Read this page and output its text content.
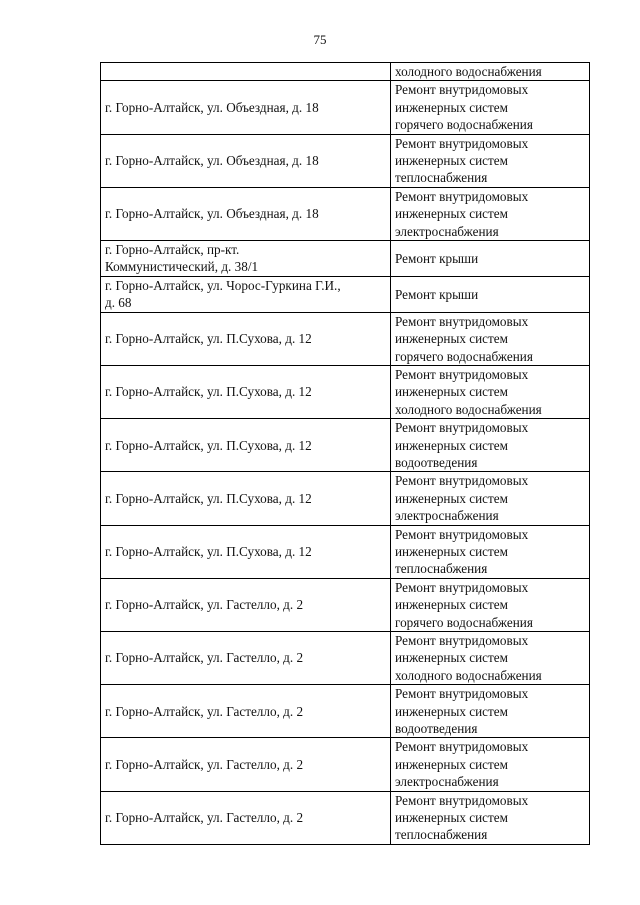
75

	холодного водоснабжения

г. Горно-Алтайск, ул. Объездная, д. 18	Ремонт внутридомовых
инженерных систем
горячего водоснабжения

г. Горно-Алтайск, ул. Объездная, д. 18	Ремонт внутридомовых
инженерных систем
теплоснабжения

г. Горно-Алтайск, ул. Объездная, д. 18	Ремонт внутридомовых
инженерных систем
электроснабжения

г. Горно-Алтайск, пр-кт.
Коммунистический, д. 38/1	Ремонт крыши

г. Горно-Алтайск, ул. Чорос-Гуркина Г.И.,
д. 68	Ремонт крыши

г. Горно-Алтайск, ул. П.Сухова, д. 12	Ремонт внутридомовых
инженерных систем
горячего водоснабжения

г. Горно-Алтайск, ул. П.Сухова, д. 12	Ремонт внутридомовых
инженерных систем
холодного водоснабжения

г. Горно-Алтайск, ул. П.Сухова, д. 12	Ремонт внутридомовых
инженерных систем
водоотведения

г. Горно-Алтайск, ул. П.Сухова, д. 12	Ремонт внутридомовых
инженерных систем
электроснабжения

г. Горно-Алтайск, ул. П.Сухова, д. 12	Ремонт внутридомовых
инженерных систем
теплоснабжения

г. Горно-Алтайск, ул. Гастелло, д. 2	Ремонт внутридомовых
инженерных систем
горячего водоснабжения

г. Горно-Алтайск, ул. Гастелло, д. 2	Ремонт внутридомовых
инженерных систем
холодного водоснабжения

г. Горно-Алтайск, ул. Гастелло, д. 2	Ремонт внутридомовых
инженерных систем
водоотведения

г. Горно-Алтайск, ул. Гастелло, д. 2	Ремонт внутридомовых
инженерных систем
электроснабжения

г. Горно-Алтайск, ул. Гастелло, д. 2	Ремонт внутридомовых
инженерных систем
теплоснабжения
